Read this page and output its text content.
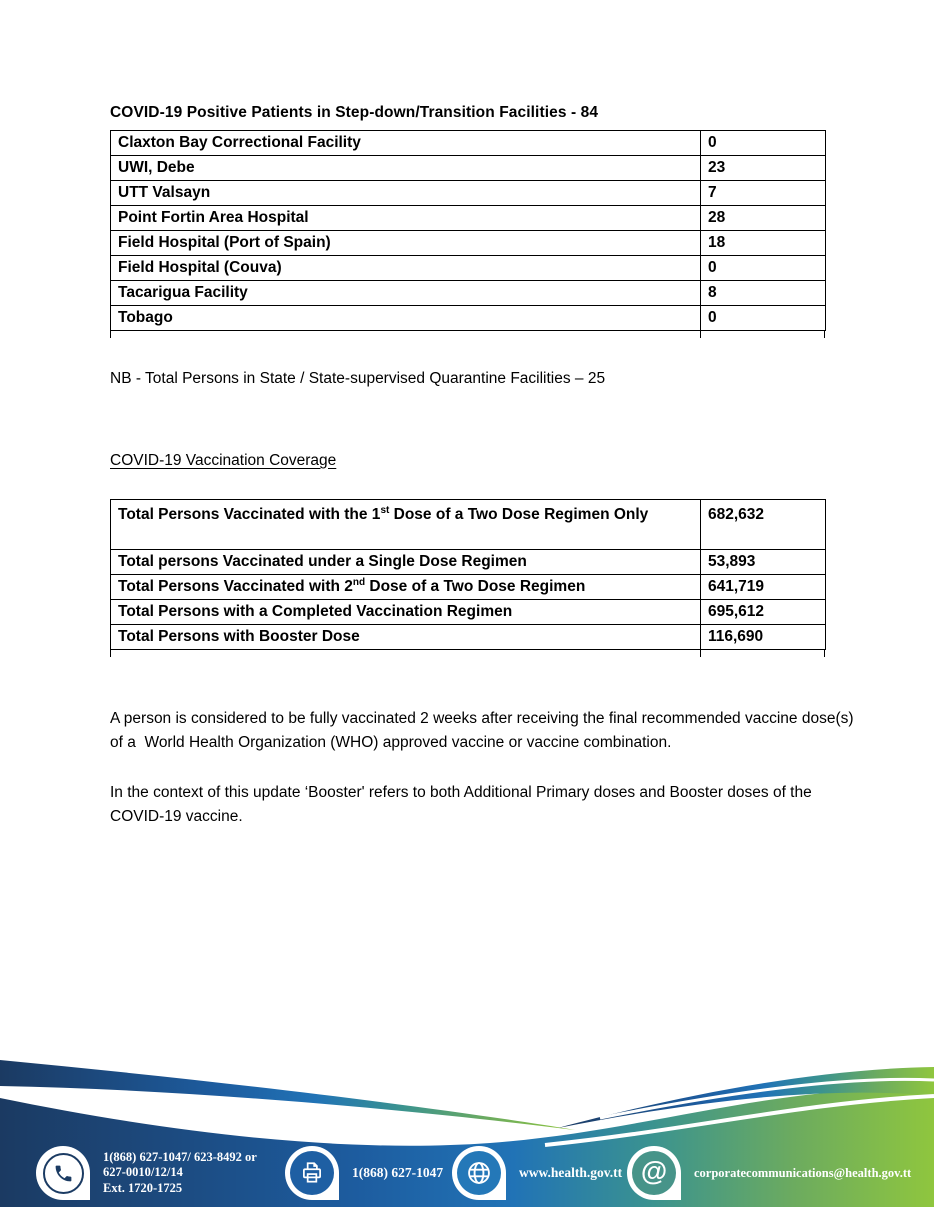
COVID-19 Positive Patients in Step-down/Transition Facilities - 84
Claxton Bay Correctional Facility	0
UWI, Debe	23
UTT Valsayn	7
Point Fortin Area Hospital	28
Field Hospital (Port of Spain)	18
Field Hospital (Couva)	0
Tacarigua Facility	8
Tobago	0

NB - Total Persons in State / State-supervised Quarantine Facilities – 25

COVID-19 Vaccination Coverage
Total Persons Vaccinated with the 1st Dose of a Two Dose Regimen Only	682,632
Total persons Vaccinated under a Single Dose Regimen	53,893
Total Persons Vaccinated with 2nd Dose of a Two Dose Regimen	641,719
Total Persons with a Completed Vaccination Regimen	695,612
Total Persons with Booster Dose	116,690

A person is considered to be fully vaccinated 2 weeks after receiving the final recommended vaccine dose(s) of a  World Health Organization (WHO) approved vaccine or vaccine combination.

In the context of this update ‘Booster' refers to both Additional Primary doses and Booster doses of the COVID-19 vaccine.

1(868) 627-1047/ 623-8492 or
627-0010/12/14
Ext. 1720-1725
1(868) 627-1047	www.health.gov.tt @ corporatecommunications@health.gov.tt
